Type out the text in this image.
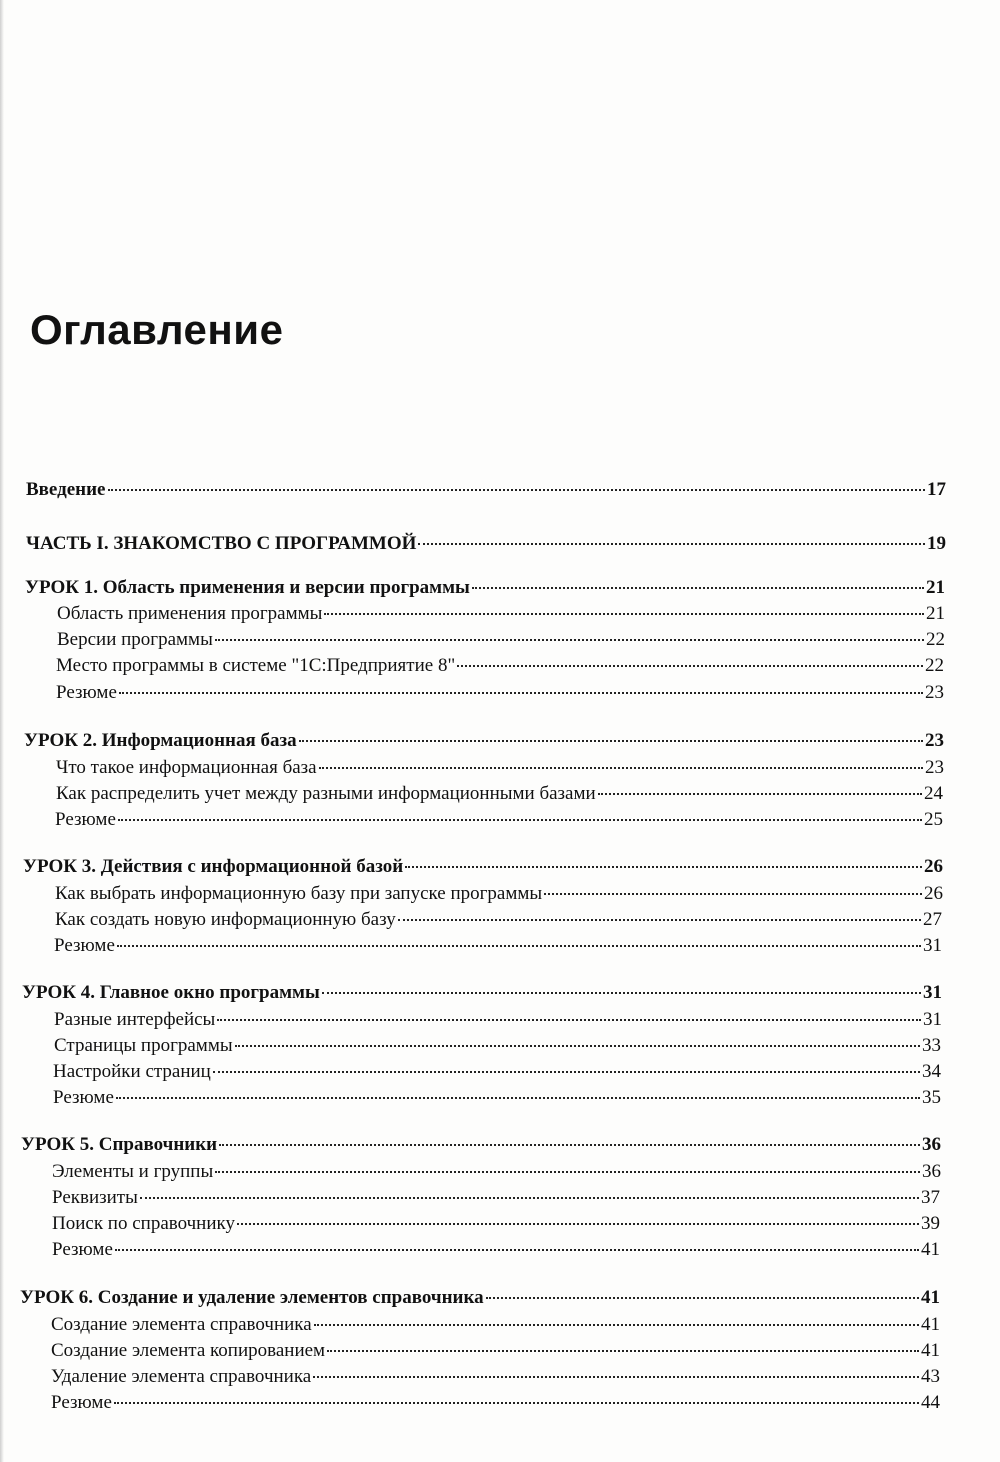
Оглавление
Введение	17
ЧАСТЬ I. ЗНАКОМСТВО С ПРОГРАММОЙ	19
УРОК 1. Область применения и версии программы	21
Область применения программы	21
Версии программы	22
Место программы в системе "1С:Предприятие 8"	22
Резюме	23
УРОК 2. Информационная база	23
Что такое информационная база	23
Как распределить учет между разными информационными базами	24
Резюме	25
УРОК 3. Действия с информационной базой	26
Как выбрать информационную базу при запуске программы	26
Как создать новую информационную базу	27
Резюме	31
УРОК 4. Главное окно программы	31
Разные интерфейсы	31
Страницы программы	33
Настройки страниц	34
Резюме	35
УРОК 5. Справочники	36
Элементы и группы	36
Реквизиты	37
Поиск по справочнику	39
Резюме	41
УРОК 6. Создание и удаление элементов справочника	41
Создание элемента справочника	41
Создание элемента копированием	41
Удаление элемента справочника	43
Резюме	44
